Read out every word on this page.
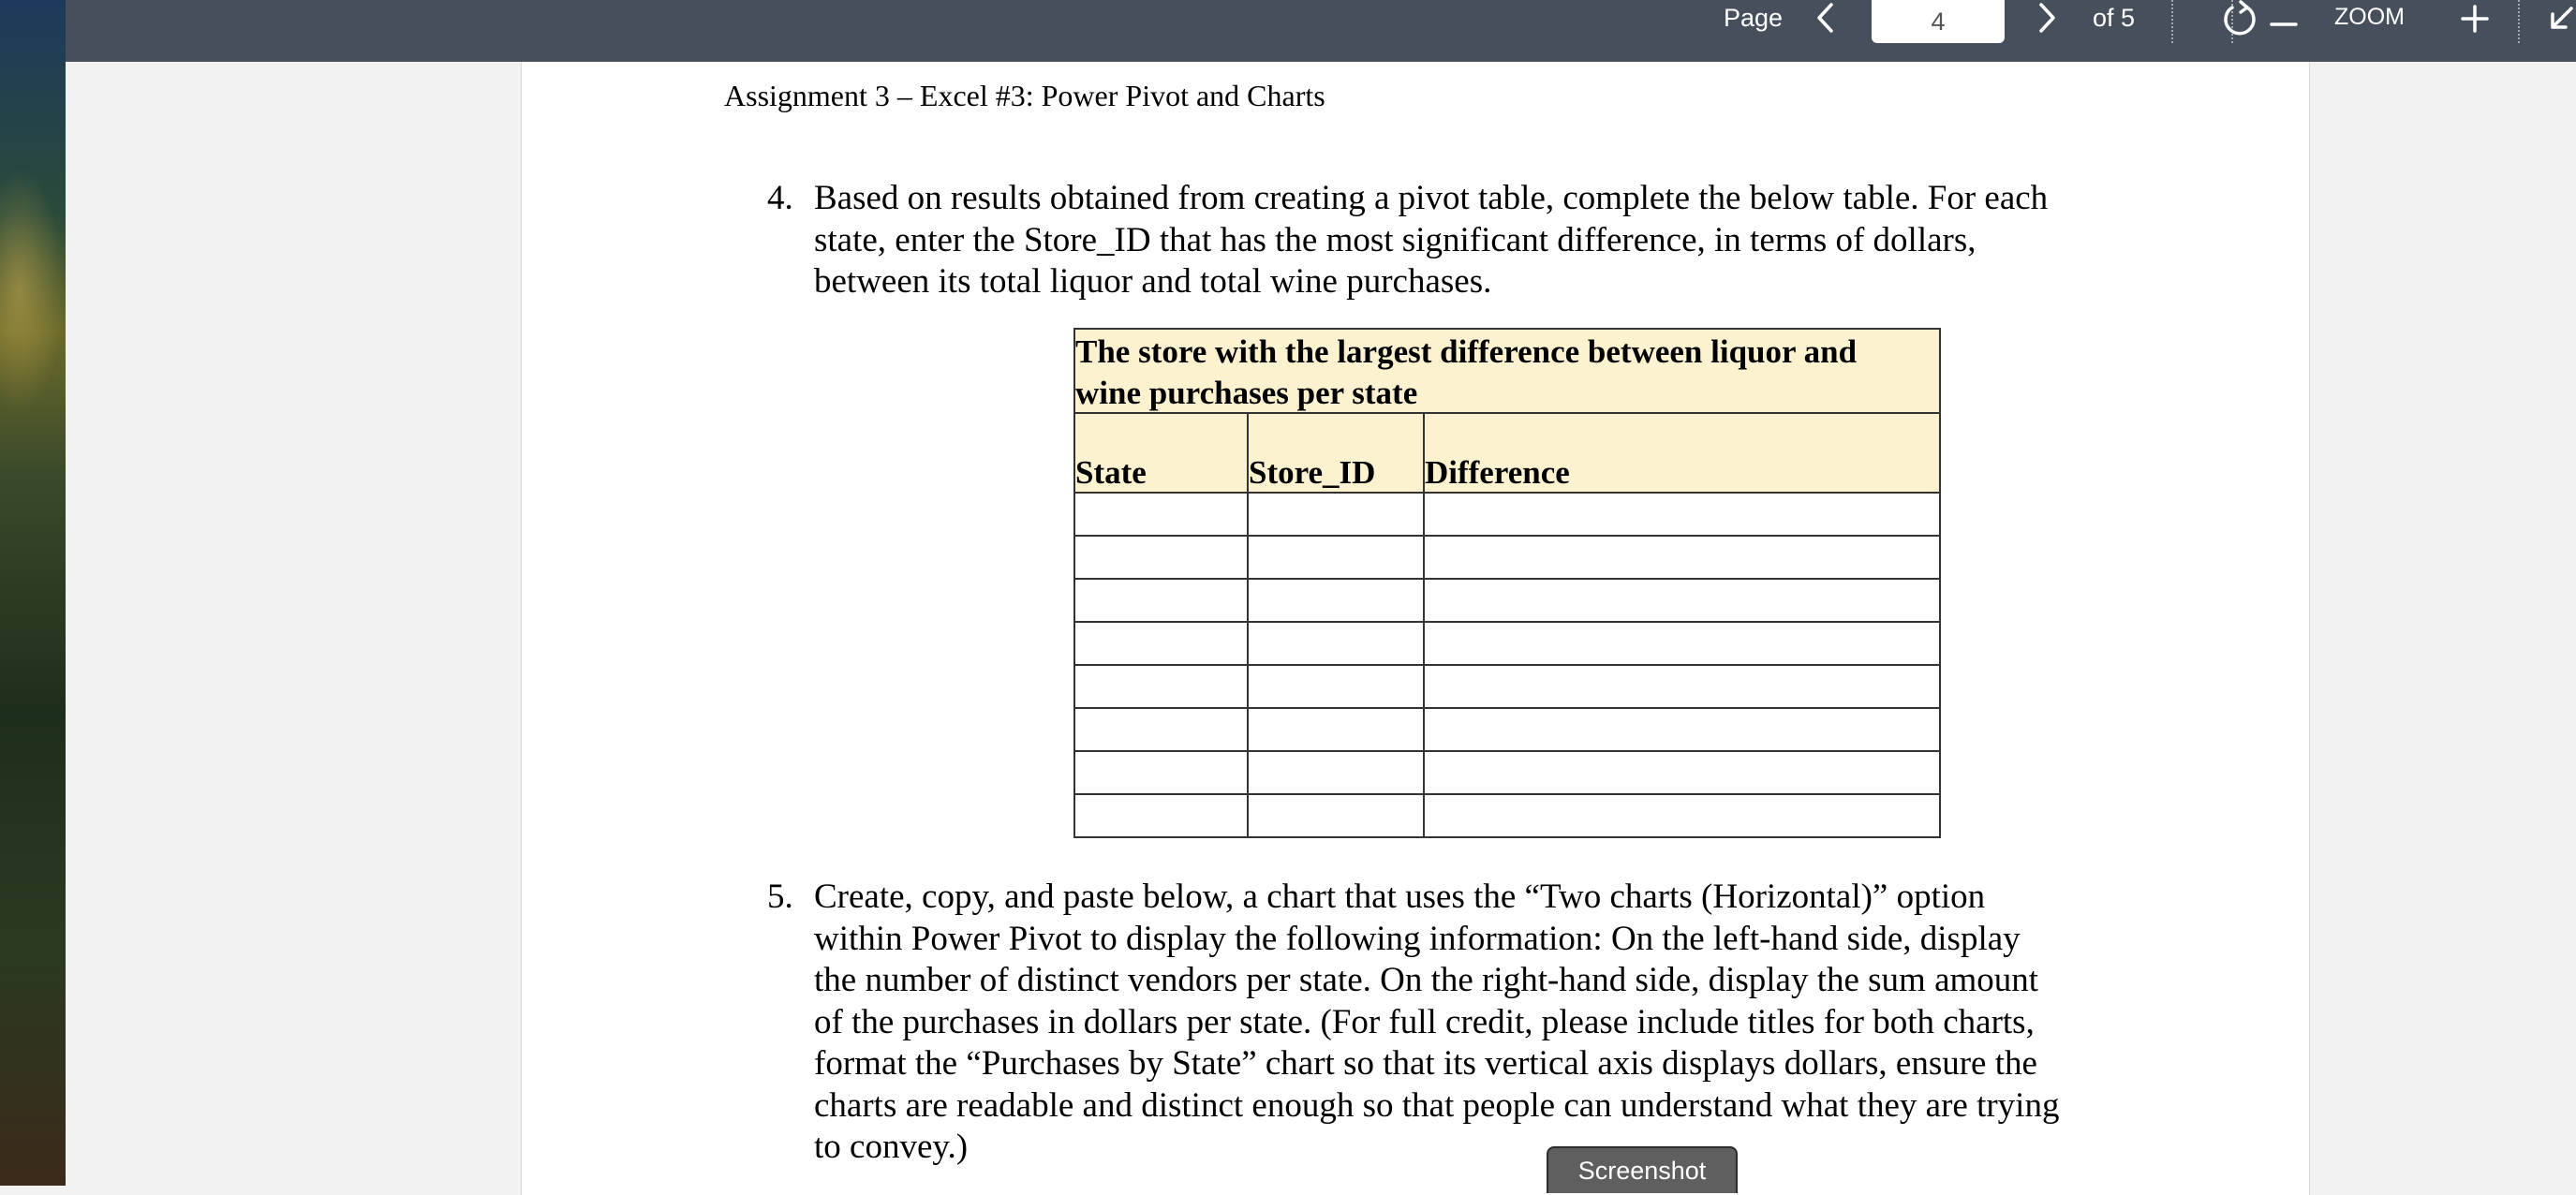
Page
4	of 5	ZOOM
Assignment 3 – Excel #3: Power Pivot and Charts
4. Based on results obtained from creating a pivot table, complete the below table. For each
state, enter the Store_ID that has the most significant difference, in terms of dollars,
between its total liquor and total wine purchases.
The store with the largest difference between liquor and
wine purchases per state		

State	Store_ID	Difference

5. Create, copy, and paste below, a chart that uses the “Two charts (Horizontal)” option
within Power Pivot to display the following information: On the left-hand side, display
the number of distinct vendors per state. On the right-hand side, display the sum amount
of the purchases in dollars per state. (For full credit, please include titles for both charts,
format the “Purchases by State” chart so that its vertical axis displays dollars, ensure the
charts are readable and distinct enough so that people can understand what they are trying
to convey.)
Screenshot
